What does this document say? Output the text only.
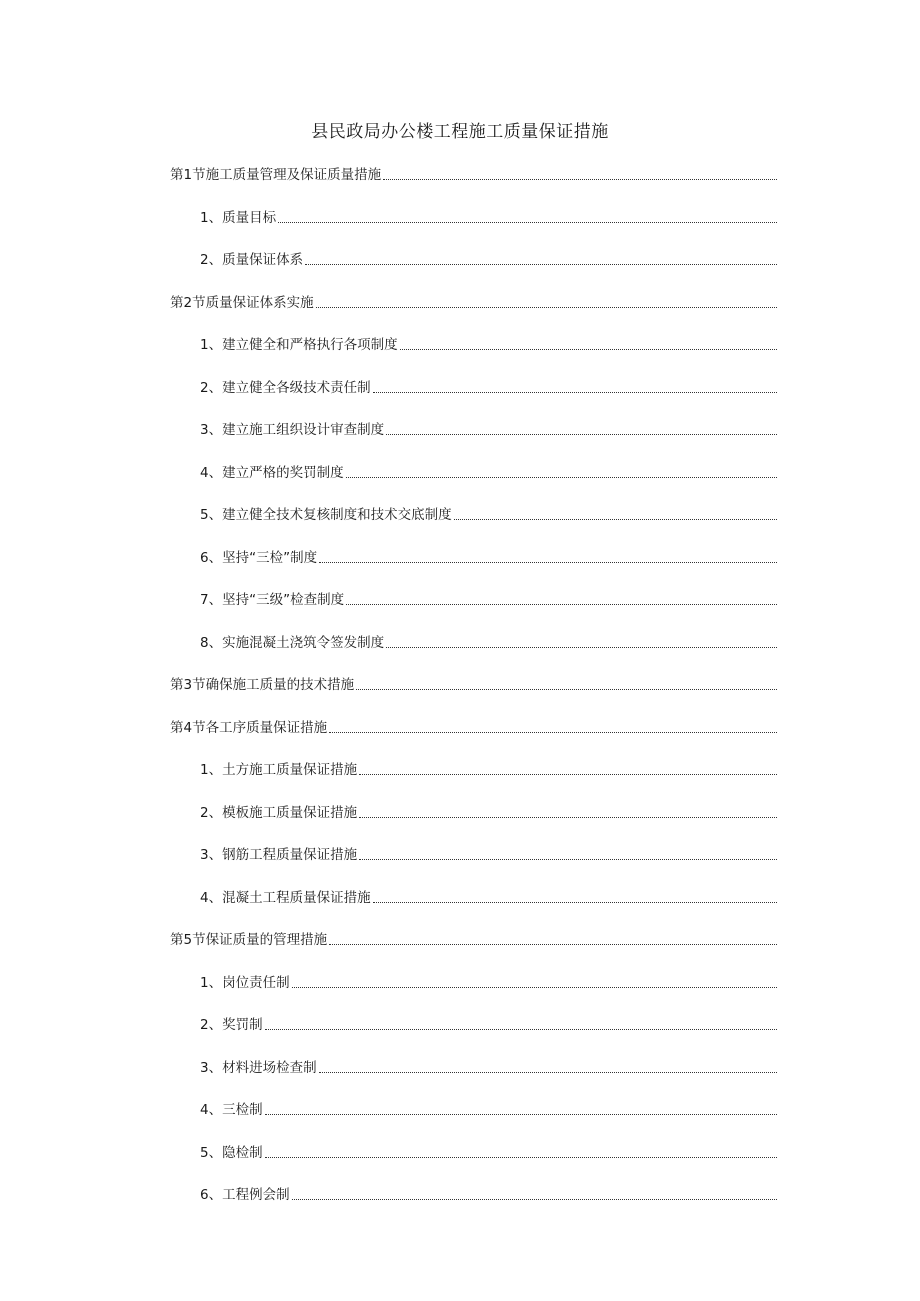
县民政局办公楼工程施工质量保证措施
第1节施工质量管理及保证质量措施
1、质量目标
2、质量保证体系
第2节质量保证体系实施
1、建立健全和严格执行各项制度
2、建立健全各级技术责任制
3、建立施工组织设计审查制度
4、建立严格的奖罚制度
5、建立健全技术复核制度和技术交底制度
6、坚持“三检”制度
7、坚持“三级”检查制度
8、实施混凝土浇筑令签发制度
第3节确保施工质量的技术措施
第4节各工序质量保证措施
1、土方施工质量保证措施
2、模板施工质量保证措施
3、钢筋工程质量保证措施
4、混凝土工程质量保证措施
第5节保证质量的管理措施
1、岗位责任制
2、奖罚制
3、材料进场检查制
4、三检制
5、隐检制
6、工程例会制
